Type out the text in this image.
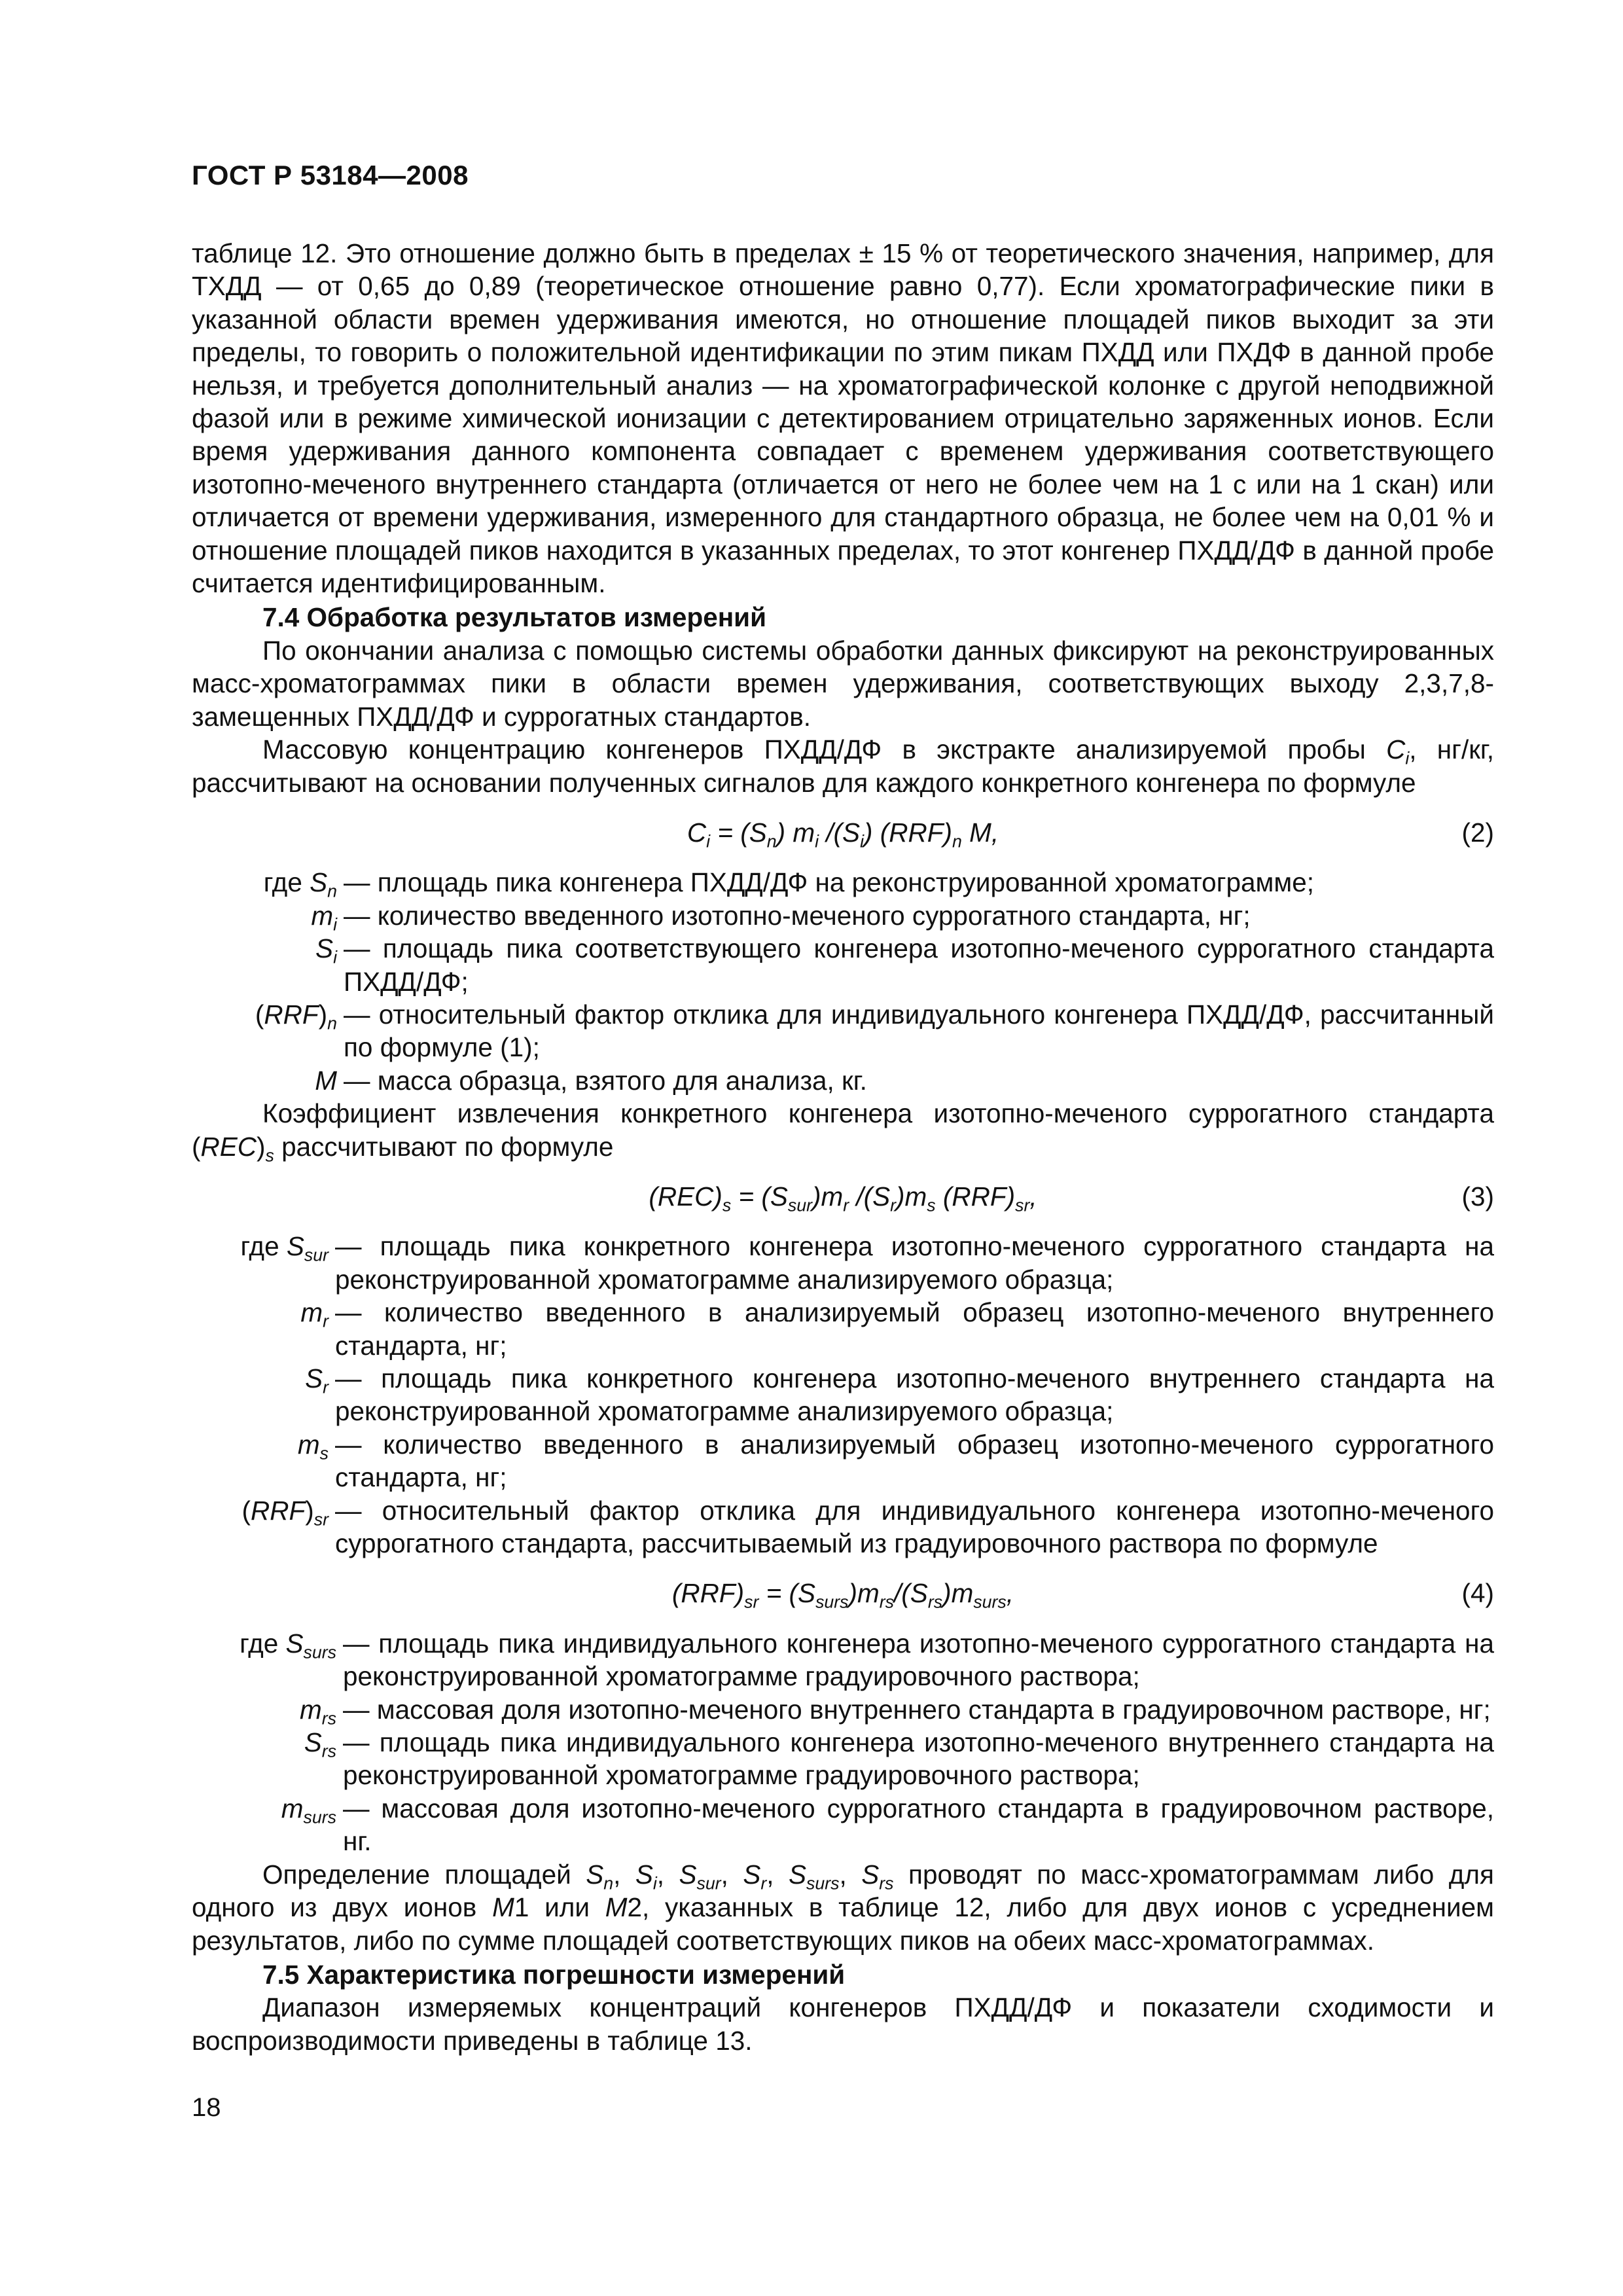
ГОСТ Р 53184—2008

таблице 12. Это отношение должно быть в пределах ± 15 % от теоретического значения, например, для ТХДД — от 0,65 до 0,89 (теоретическое отношение равно 0,77). Если хроматографические пики в указанной области времен удерживания имеются, но отношение площадей пиков выходит за эти пределы, то говорить о положительной идентификации по этим пикам ПХДД или ПХДФ в данной пробе нельзя, и требуется дополнительный анализ — на хроматографической колонке с другой неподвижной фазой или в режиме химической ионизации с детектированием отрицательно заряженных ионов. Если время удерживания данного компонента совпадает с временем удерживания соответствующего изотопно-меченого внутреннего стандарта (отличается от него не более чем на 1 с или на 1 скан) или отличается от времени удерживания, измеренного для стандартного образца, не более чем на 0,01 % и отношение площадей пиков находится в указанных пределах, то этот конгенер ПХДД/ДФ в данной пробе считается идентифицированным.

7.4 Обработка результатов измерений

По окончании анализа с помощью системы обработки данных фиксируют на реконструированных масс-хроматограммах пики в области времен удерживания, соответствующих выходу 2,3,7,8-замещенных ПХДД/ДФ и суррогатных стандартов.

Массовую концентрацию конгенеров ПХДД/ДФ в экстракте анализируемой пробы $C_i$, нг/кг, рассчитывают на основании полученных сигналов для каждого конкретного конгенера по формуле

$C_i = (S_n)$ $m_i$ $/(S_i)$ $(RRF)_n$ M,	(2)
где $S_n$ — площадь пика конгенера ПХДД/ДФ на реконструированной хроматограмме;
$m_i$ — количество введенного изотопно-меченого суррогатного стандарта, нг;
$S_i$ — площадь пика соответствующего конгенера изотопно-меченого суррогатного стандарта ПХДД/ДФ;
$(RRF)_n$ — относительный фактор отклика для индивидуального конгенера ПХДД/ДФ, рассчитанный по формуле (1);
M — масса образца, взятого для анализа, кг.

Коэффициент извлечения конкретного конгенера изотопно-меченого суррогатного стандарта $(REC)_s$ рассчитывают по формуле

$(REC)_s = (S_{sur})m_r$ $/(S_r)m_s$ $(RRF)_{sr}$,	(3)
где $S_{sur}$ — площадь пика конкретного конгенера изотопно-меченого суррогатного стандарта на реконструированной хроматограмме анализируемого образца;
$m_r$ — количество введенного в анализируемый образец изотопно-меченого внутреннего стандарта, нг;
$S_r$ — площадь пика конкретного конгенера изотопно-меченого внутреннего стандарта на реконструированной хроматограмме анализируемого образца;
$m_s$ — количество введенного в анализируемый образец изотопно-меченого суррогатного стандарта, нг;
$(RRF)_{sr}$ — относительный фактор отклика для индивидуального конгенера изотопно-меченого суррогатного стандарта, рассчитываемый из градуировочного раствора по формуле
$(RRF)_{sr} = (S_{surs})m_{rs}/(S_{rs})m_{surs}$,	(4)
где $S_{surs}$ — площадь пика индивидуального конгенера изотопно-меченого суррогатного стандарта на реконструированной хроматограмме градуировочного раствора;
$m_{rs}$ — массовая доля изотопно-меченого внутреннего стандарта в градуировочном растворе, нг;
$S_{rs}$ — площадь пика индивидуального конгенера изотопно-меченого внутреннего стандарта на реконструированной хроматограмме градуировочного раствора;
$m_{surs}$ — массовая доля изотопно-меченого суррогатного стандарта в градуировочном растворе, нг.

Определение площадей $S_n$, $S_i$, $S_{sur}$, $S_r$, $S_{surs}$, $S_{rs}$ проводят по масс-хроматограммам либо для одного из двух ионов M1 или M2, указанных в таблице 12, либо для двух ионов с усреднением результатов, либо по сумме площадей соответствующих пиков на обеих масс-хроматограммах.

7.5 Характеристика погрешности измерений

Диапазон измеряемых концентраций конгенеров ПХДД/ДФ и показатели сходимости и воспроизводимости приведены в таблице 13.

18
